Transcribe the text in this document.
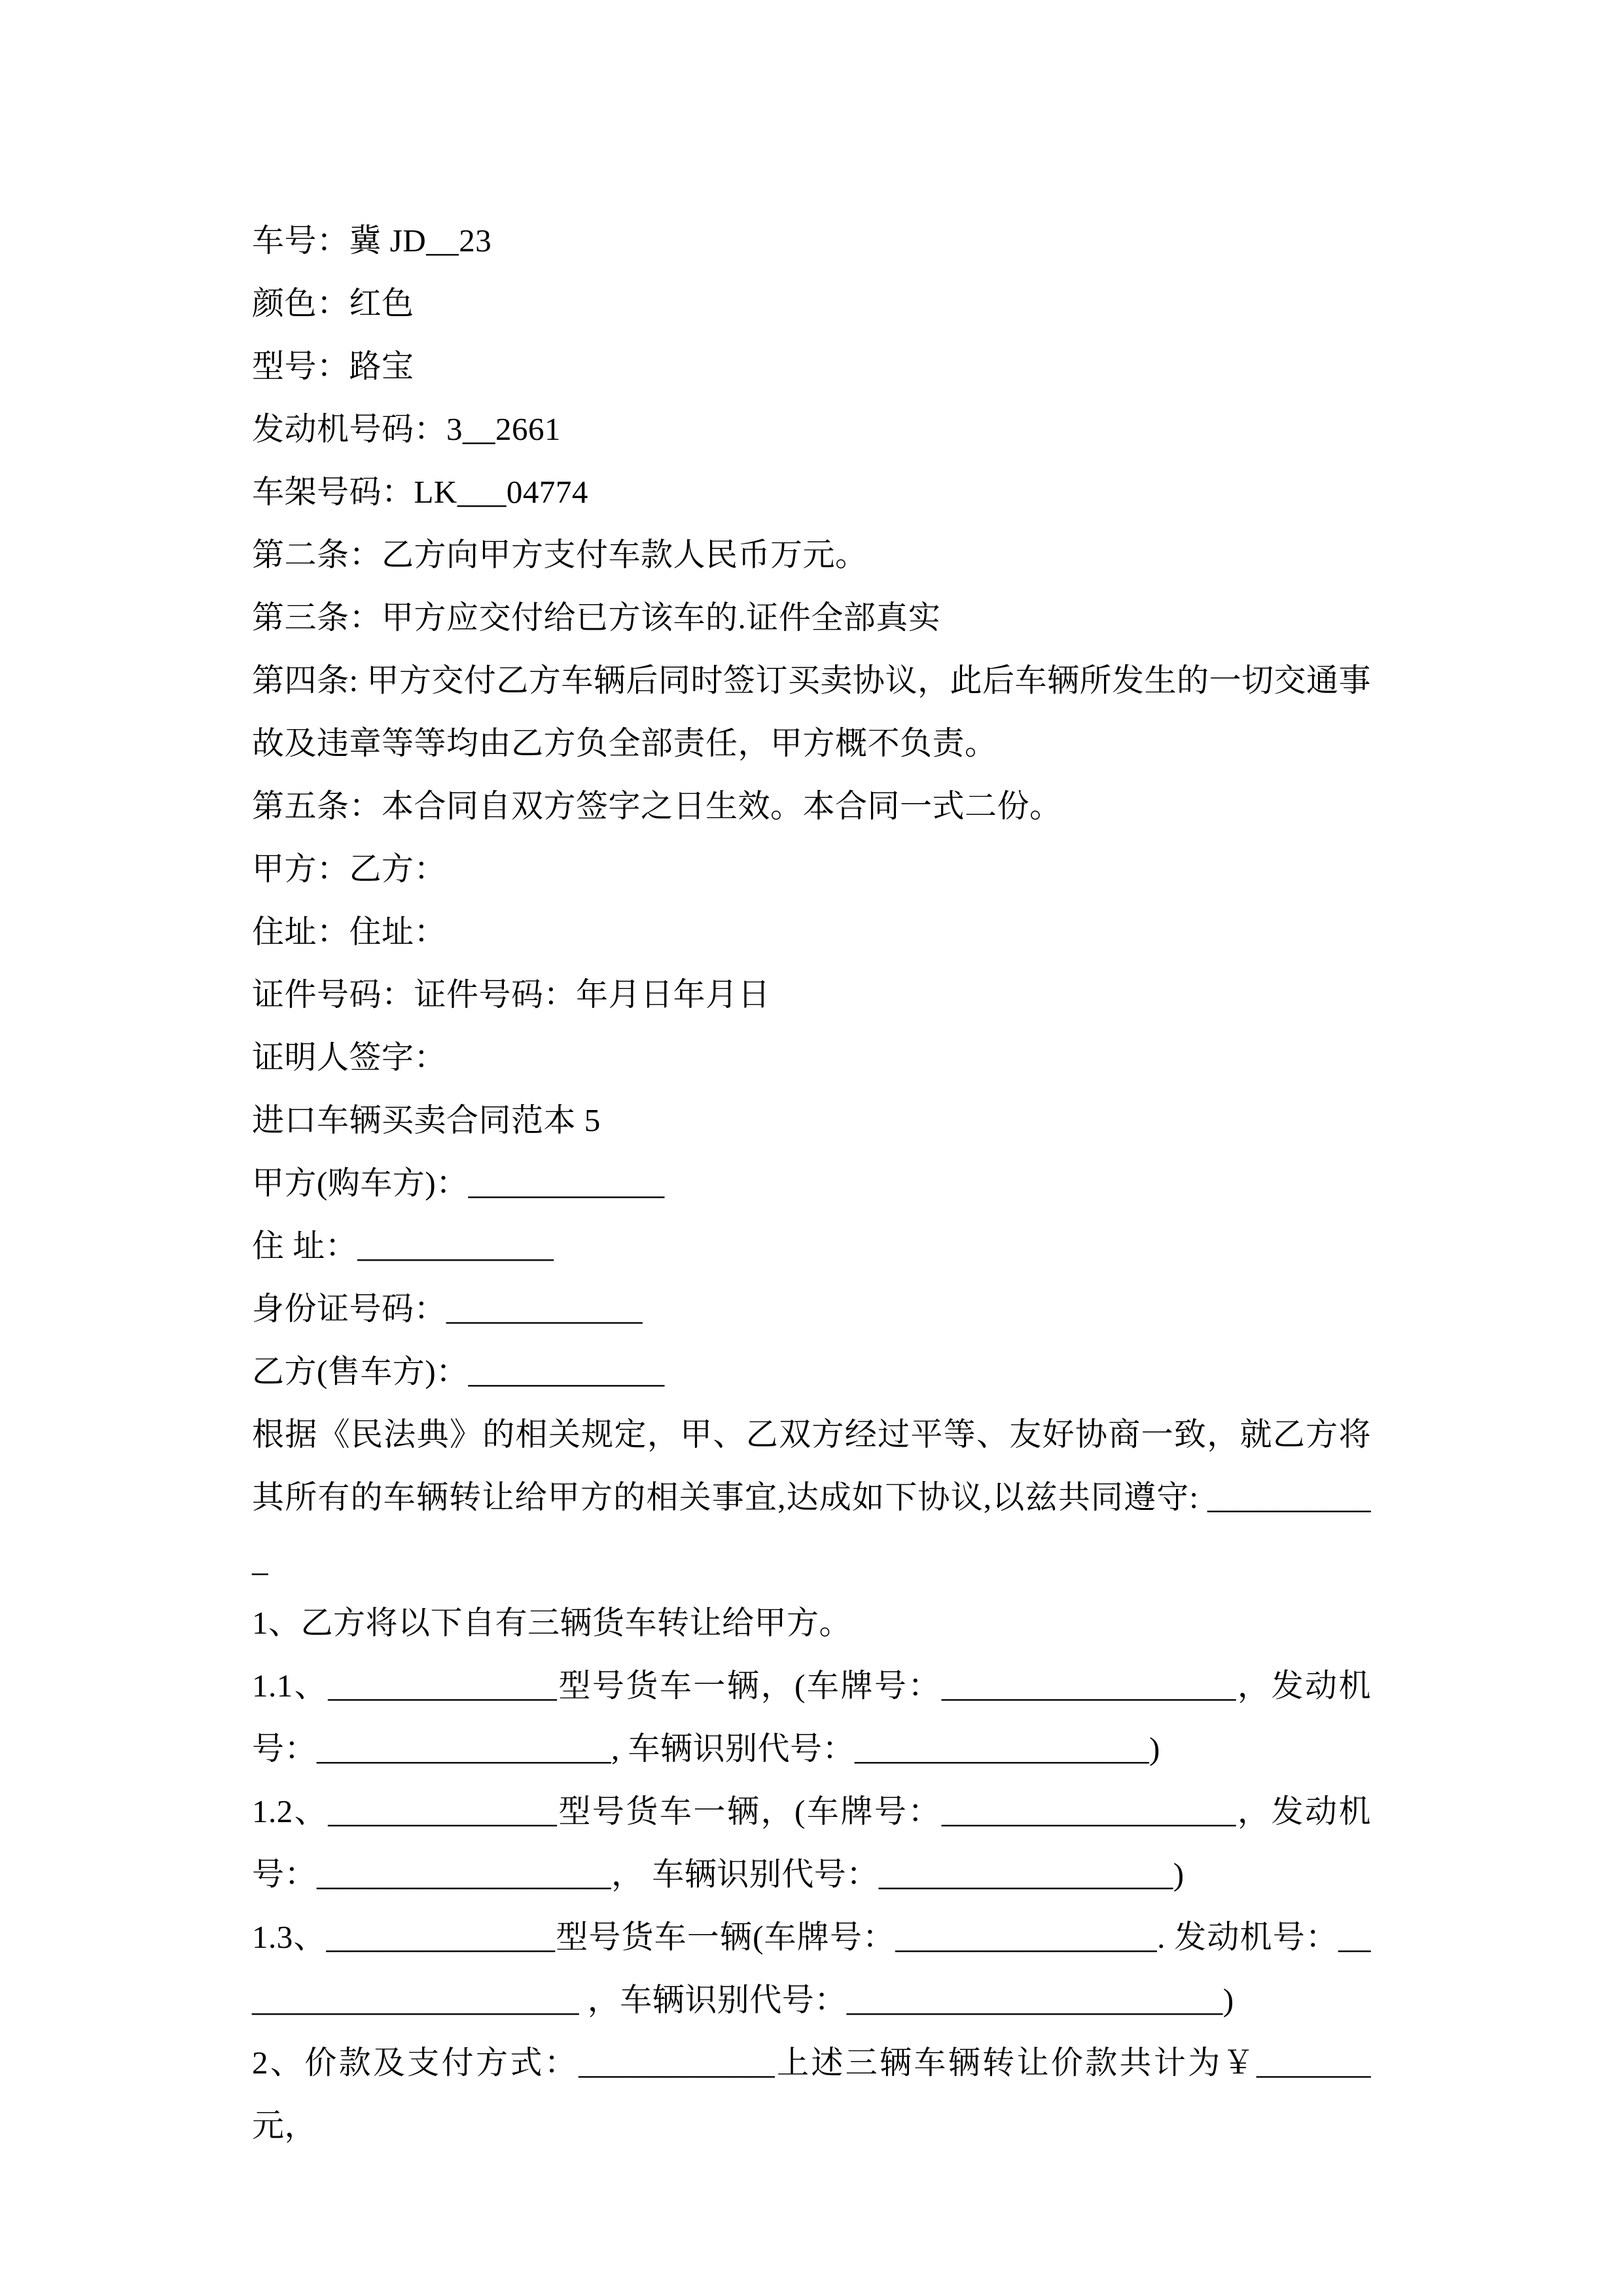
车号：冀 JD__23

颜色：红色

型号：路宝

发动机号码：3__2661

车架号码：LK___04774

第二条：乙方向甲方支付车款人民币万元。

第三条：甲方应交付给已方该车的.证件全部真实

第四条: 甲方交付乙方车辆后同时签订买卖协议，此后车辆所发生的一切交通事故及违章等等均由乙方负全部责任，甲方概不负责。

第五条：本合同自双方签字之日生效。本合同一式二份。

甲方：乙方：

住址：住址：

证件号码：证件号码：年月日年月日

证明人签字：

进口车辆买卖合同范本 5

甲方(购车方)：____________

住 址：____________

身份证号码：____________

乙方(售车方)：____________

根据《民法典》的相关规定，甲、乙双方经过平等、友好协商一致，就乙方将其所有的车辆转让给甲方的相关事宜,达成如下协议,以兹共同遵守: ___________

1、乙方将以下自有三辆货车转让给甲方。

1.1、______________型号货车一辆，(车牌号：__________________，发动机号：__________________, 车辆识别代号：__________________)

1.2、______________型号货车一辆，(车牌号：__________________，发动机号：__________________， 车辆识别代号：__________________)

1.3、______________型号货车一辆(车牌号：________________. 发动机号：______________________ ，车辆识别代号：_______________________)

2、价款及支付方式：____________上述三辆车辆转让价款共计为￥_______元，
